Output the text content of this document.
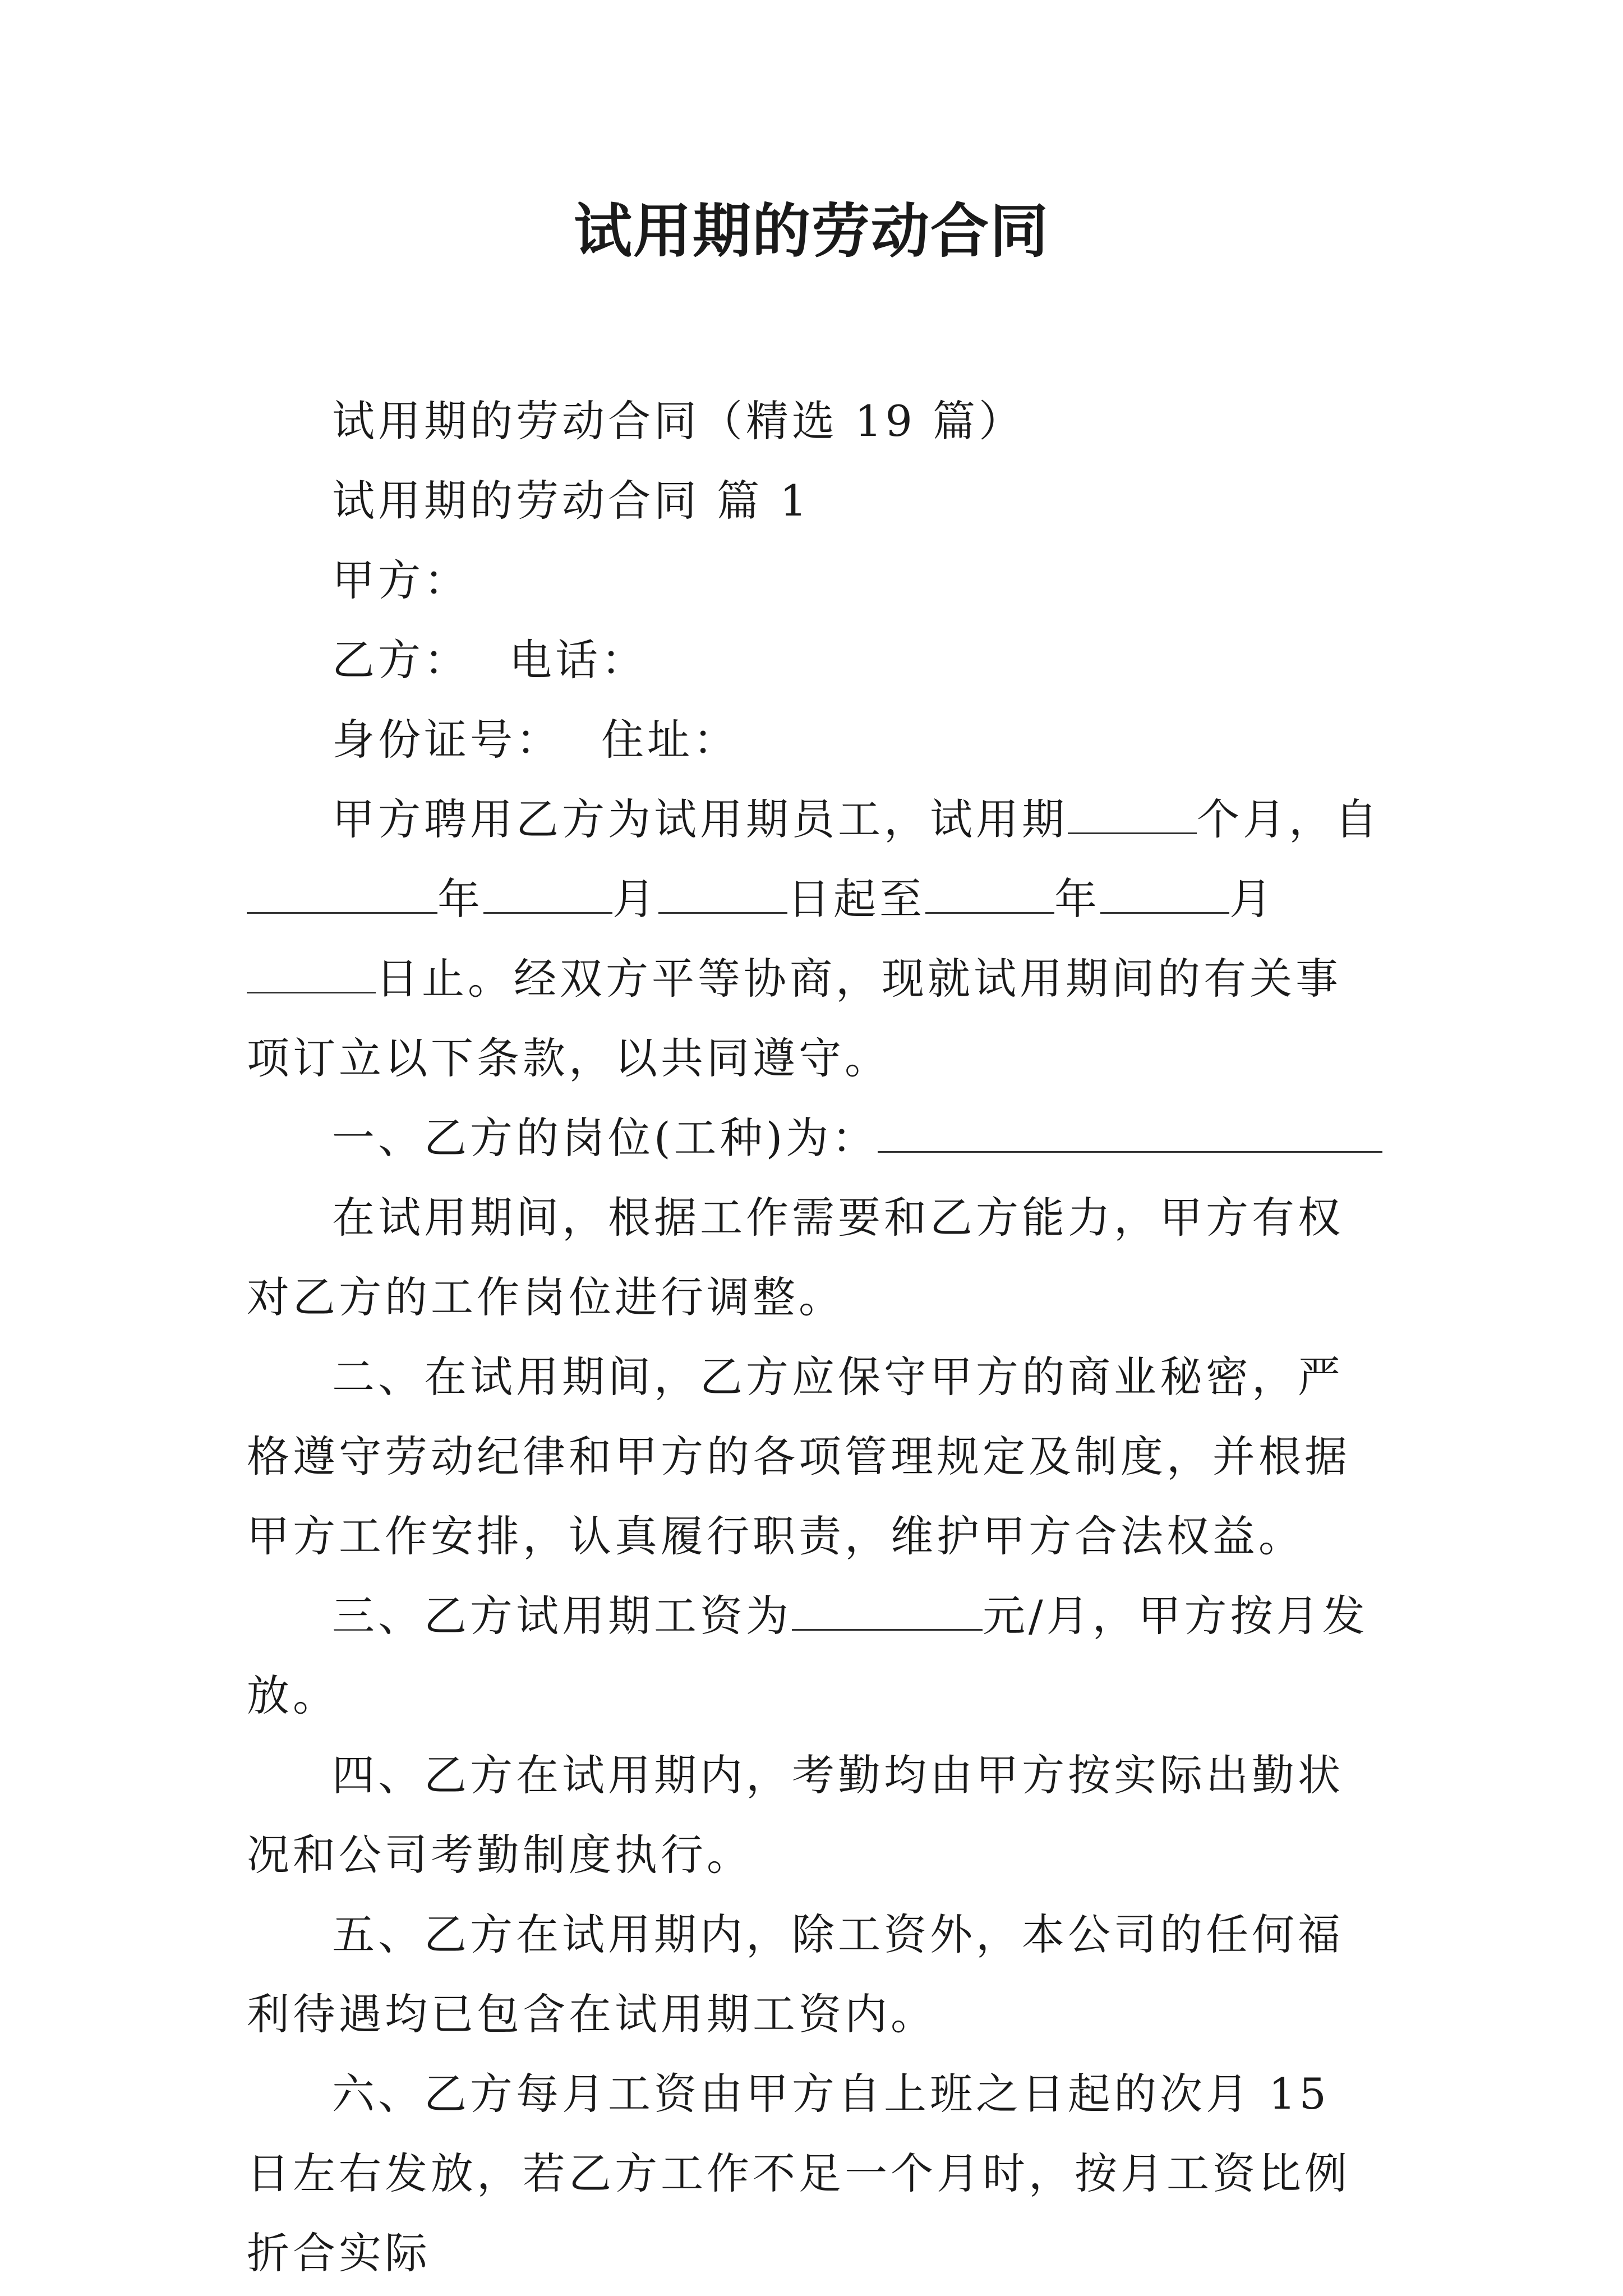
试用期的劳动合同

试用期的劳动合同（精选 19 篇）

试用期的劳动合同 篇 1

甲方：

乙方： 电话：

身份证号： 住址：

甲方聘用乙方为试用期员工，试用期	个月，自年	月	日起至	年	月日止。经双方平等协商，现就试用期间的有关事项订立以下条款，以共同遵守。

一、乙方的岗位(工种)为：

在试用期间，根据工作需要和乙方能力，甲方有权对乙方的工作岗位进行调整。

二、在试用期间，乙方应保守甲方的商业秘密，严格遵守劳动纪律和甲方的各项管理规定及制度，并根据甲方工作安排，认真履行职责，维护甲方合法权益。

三、乙方试用期工资为	元/月，甲方按月发放。

四、乙方在试用期内，考勤均由甲方按实际出勤状况和公司考勤制度执行。

五、乙方在试用期内，除工资外，本公司的任何福利待遇均已包含在试用期工资内。

六、乙方每月工资由甲方自上班之日起的次月 15 日左右发放，若乙方工作不足一个月时，按月工资比例折合实际
